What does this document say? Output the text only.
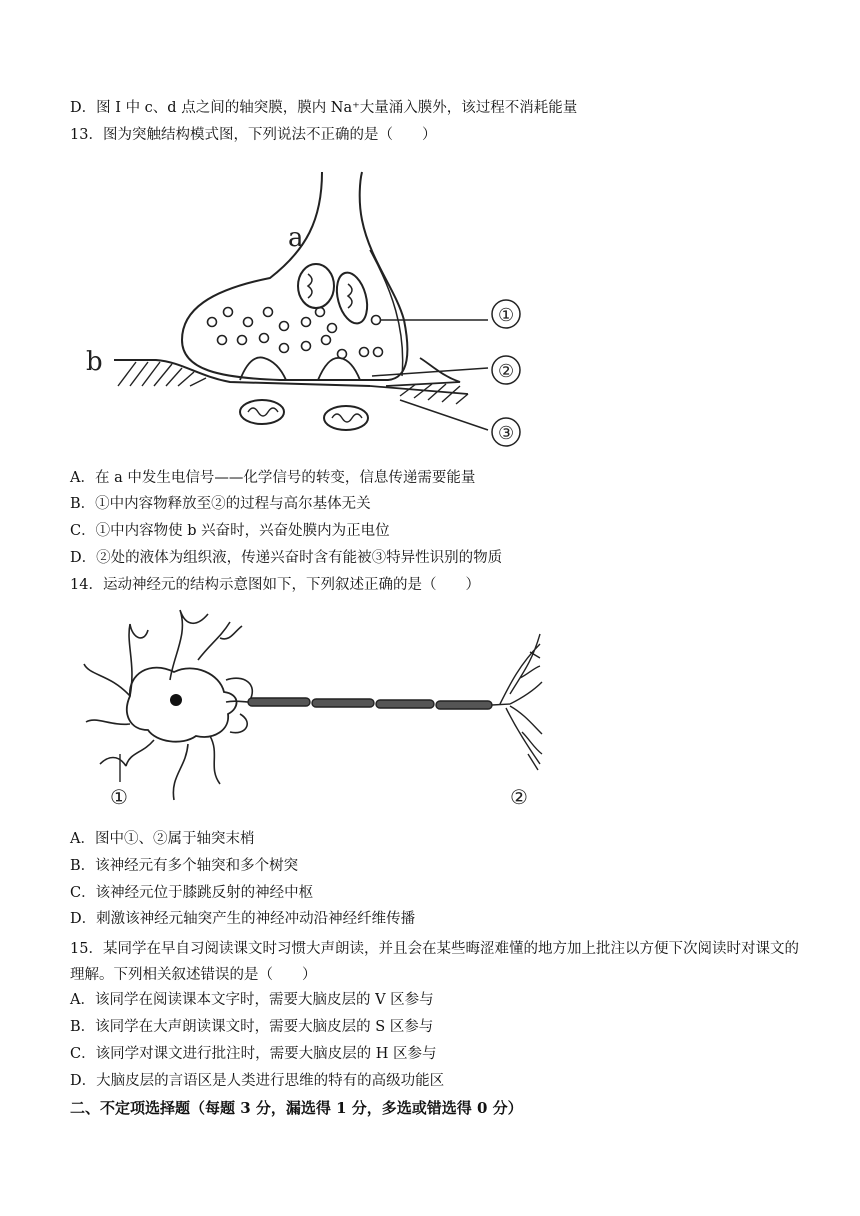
D．图 I 中 c、d 点之间的轴突膜，膜内 Na⁺大量涌入膜外，该过程不消耗能量
13．图为突触结构模式图，下列说法不正确的是（　　）
a
①
b	②
③
A．在 a 中发生电信号——化学信号的转变，信息传递需要能量
B．①中内容物释放至②的过程与高尔基体无关
C．①中内容物使 b 兴奋时，兴奋处膜内为正电位
D．②处的液体为组织液，传递兴奋时含有能被③特异性识别的物质
14．运动神经元的结构示意图如下，下列叙述正确的是（　　）
①	②
A．图中①、②属于轴突末梢
B．该神经元有多个轴突和多个树突
C．该神经元位于膝跳反射的神经中枢
D．刺激该神经元轴突产生的神经冲动沿神经纤维传播
15．某同学在早自习阅读课文时习惯大声朗读，并且会在某些晦涩难懂的地方加上批注以方便下次阅读时对课文的理解。下列相关叙述错误的是（　　）
A．该同学在阅读课本文字时，需要大脑皮层的 V 区参与
B．该同学在大声朗读课文时，需要大脑皮层的 S 区参与
C．该同学对课文进行批注时，需要大脑皮层的 H 区参与
D．大脑皮层的言语区是人类进行思维的特有的高级功能区
二、不定项选择题（每题 3 分，漏选得 1 分，多选或错选得 0 分）
